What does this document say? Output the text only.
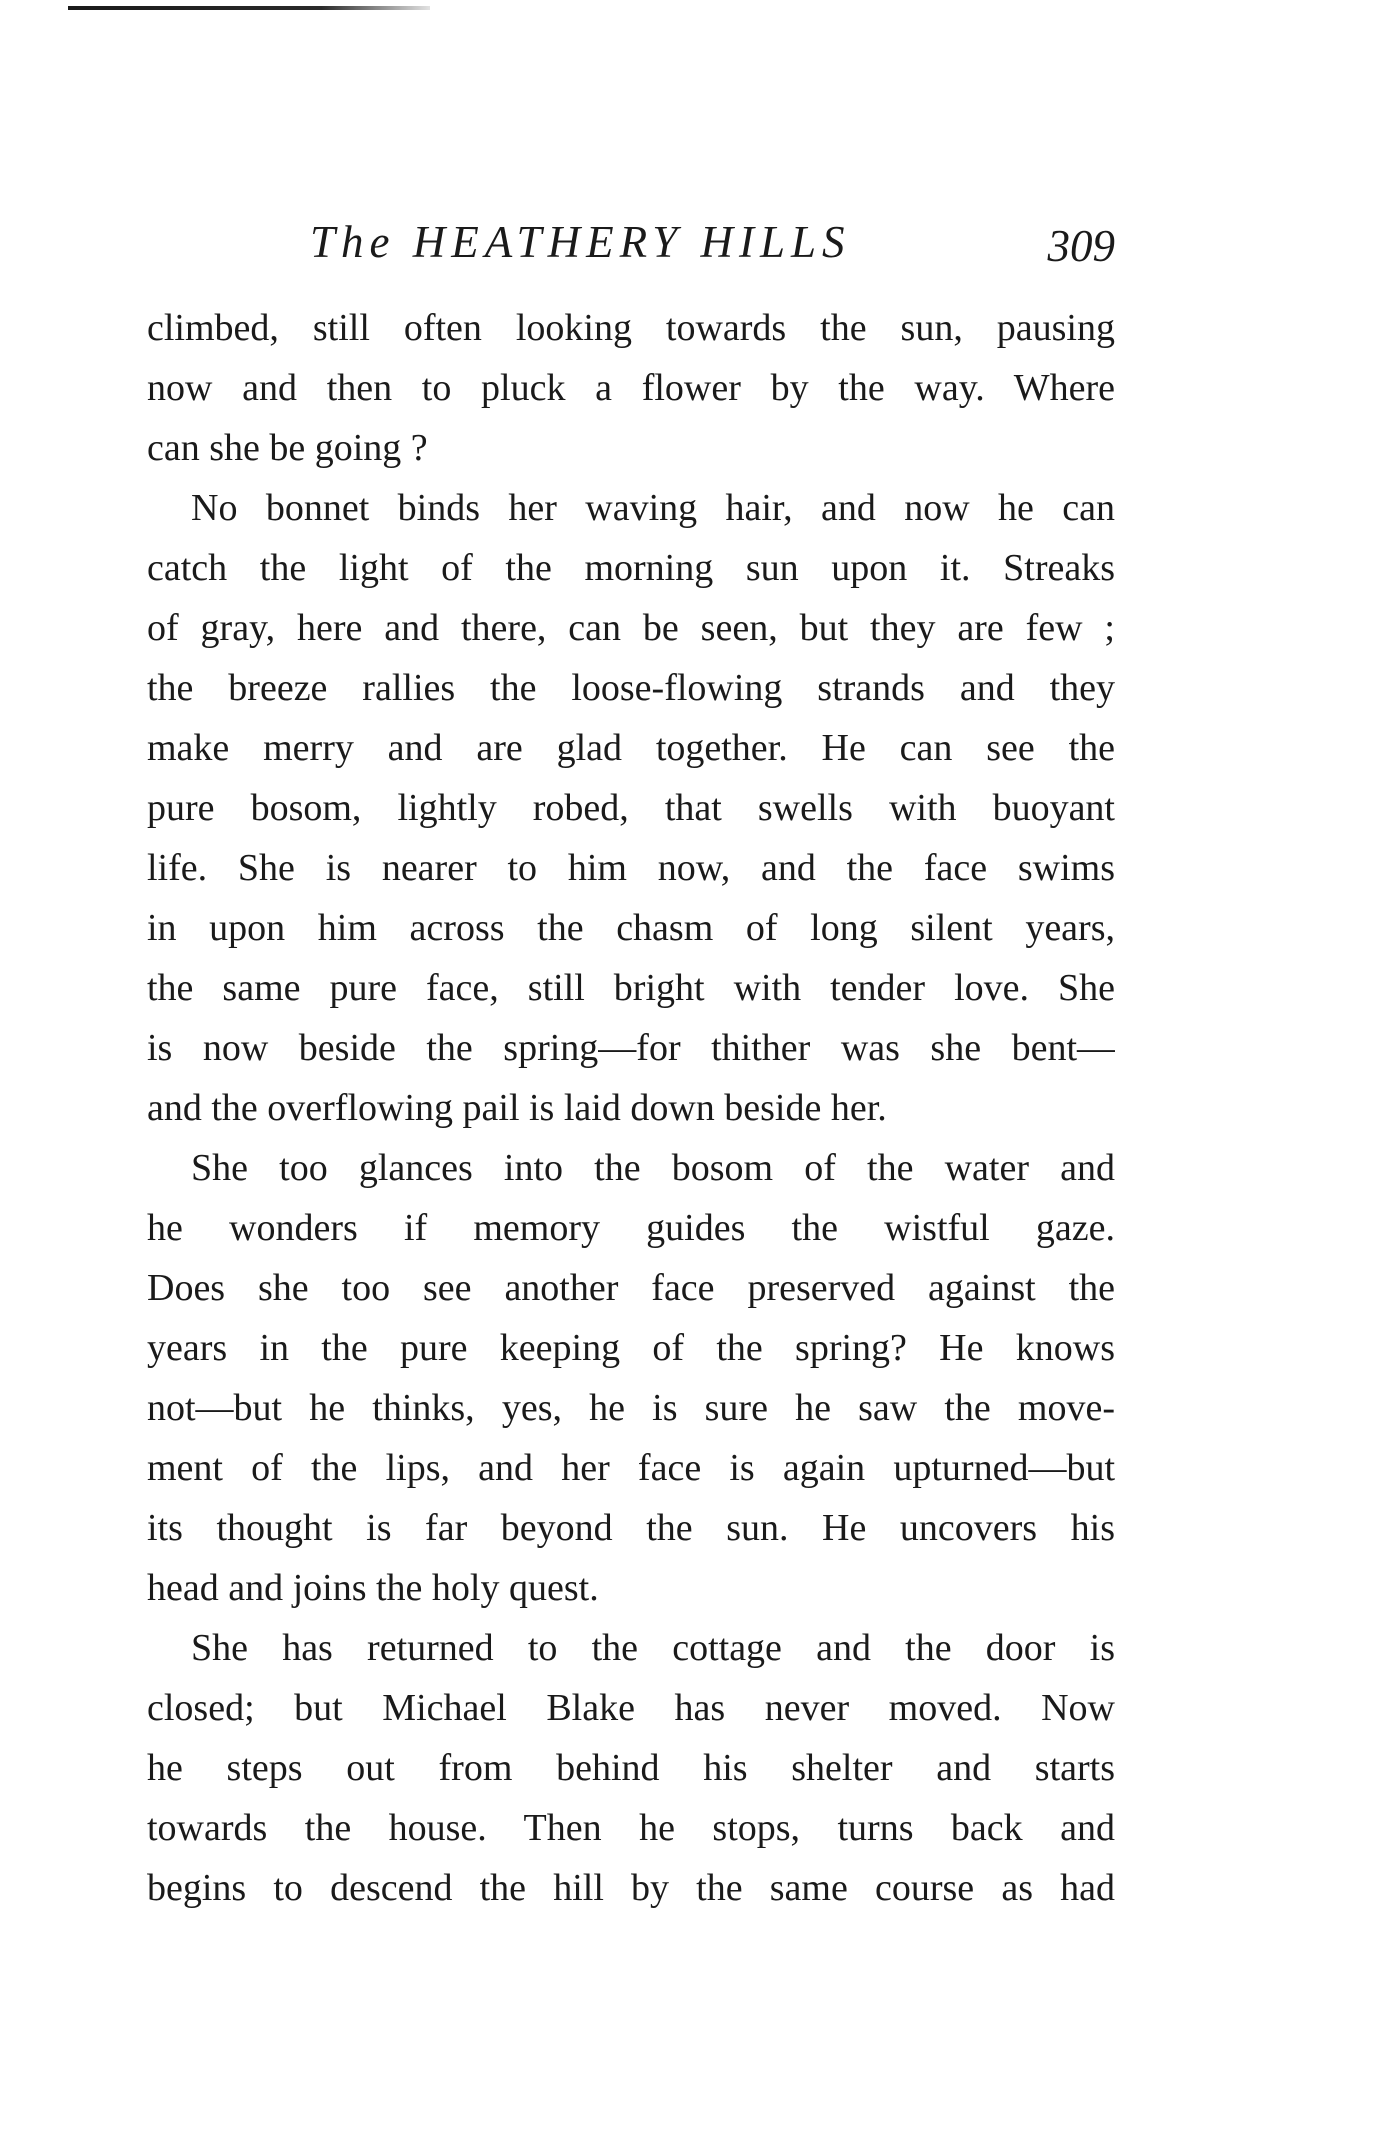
The HEATHERY HILLS	309
climbed, still often looking towards the sun, pausing
now and then to pluck a flower by the way. Where
can she be going ?
No bonnet binds her waving hair, and now he can
catch the light of the morning sun upon it. Streaks
of gray, here and there, can be seen, but they are few ;
the breeze rallies the loose-flowing strands and they
make merry and are glad together. He can see the
pure bosom, lightly robed, that swells with buoyant
life. She is nearer to him now, and the face swims
in upon him across the chasm of long silent years,
the same pure face, still bright with tender love. She
is now beside the spring—for thither was she bent—
and the overflowing pail is laid down beside her.
She too glances into the bosom of the water and
he wonders if memory guides the wistful gaze.
Does she too see another face preserved against the
years in the pure keeping of the spring? He knows
not—but he thinks, yes, he is sure he saw the move-
ment of the lips, and her face is again upturned—but
its thought is far beyond the sun. He uncovers his
head and joins the holy quest.
She has returned to the cottage and the door is
closed; but Michael Blake has never moved. Now
he steps out from behind his shelter and starts
towards the house. Then he stops, turns back and
begins to descend the hill by the same course as had
